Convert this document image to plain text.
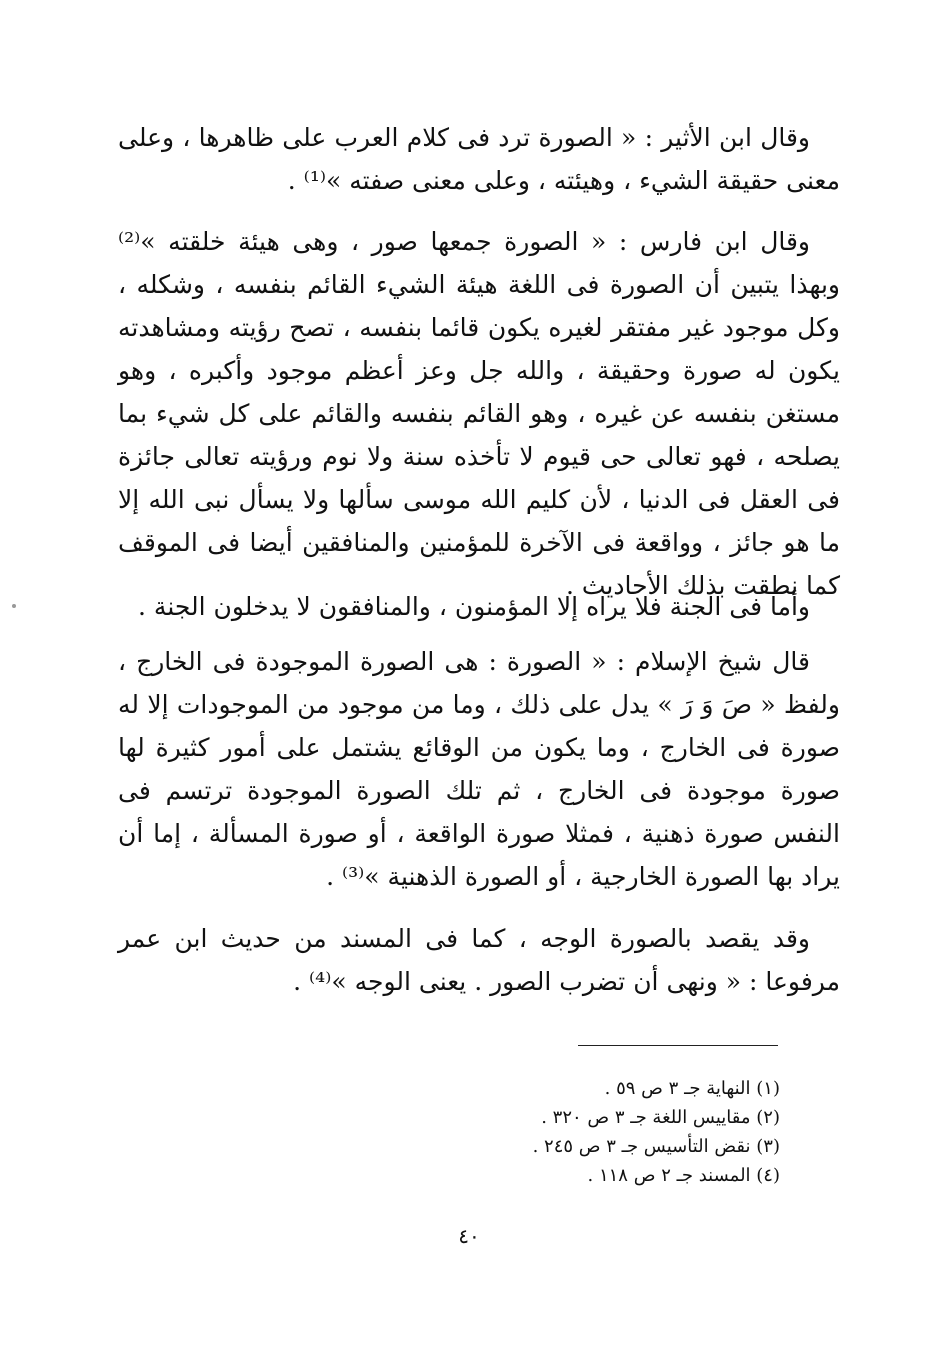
وقال ابن الأثير : « الصورة ترد فى كلام العرب على ظاهرها ، وعلى معنى حقيقة الشيء ، وهيئته ، وعلى معنى صفته »⁽¹⁾ .

وقال ابن فارس : « الصورة جمعها صور ، وهى هيئة خلقته »⁽²⁾ وبهذا يتبين أن الصورة فى اللغة هيئة الشيء القائم بنفسه ، وشكله ، وكل موجود غير مفتقر لغيره يكون قائما بنفسه ، تصح رؤيته ومشاهدته يكون له صورة وحقيقة ، والله جل وعز أعظم موجود وأكبره ، وهو مستغن بنفسه عن غيره ، وهو القائم بنفسه والقائم على كل شيء بما يصلحه ، فهو تعالى حى قيوم لا تأخذه سنة ولا نوم ورؤيته تعالى جائزة فى العقل فى الدنيا ، لأن كليم الله موسى سألها ولا يسأل نبى الله إلا ما هو جائز ، وواقعة فى الآخرة للمؤمنين والمنافقين أيضا فى الموقف كما نطقت بذلك الأحاديث .

وأما فى الجنة فلا يراه إلا المؤمنون ، والمنافقون لا يدخلون الجنة .

قال شيخ الإسلام : « الصورة : هى الصورة الموجودة فى الخارج ، ولفظ « صَ وَ رَ » يدل على ذلك ، وما من موجود من الموجودات إلا له صورة فى الخارج ، وما يكون من الوقائع يشتمل على أمور كثيرة لها صورة موجودة فى الخارج ، ثم تلك الصورة الموجودة ترتسم فى النفس صورة ذهنية ، فمثلا صورة الواقعة ، أو صورة المسألة ، إما أن يراد بها الصورة الخارجية ، أو الصورة الذهنية »⁽³⁾ .

وقد يقصد بالصورة الوجه ، كما فى المسند من حديث ابن عمر مرفوعا : « ونهى أن تضرب الصور . يعنى الوجه »⁽⁴⁾ .

(١) النهاية جـ ٣ ص ٥٩ .

(٢) مقاييس اللغة جـ ٣ ص ٣٢٠ .

(٣) نقض التأسيس جـ ٣ ص ٢٤٥ .

(٤) المسند جـ ٢ ص ١١٨ .

٤٠
